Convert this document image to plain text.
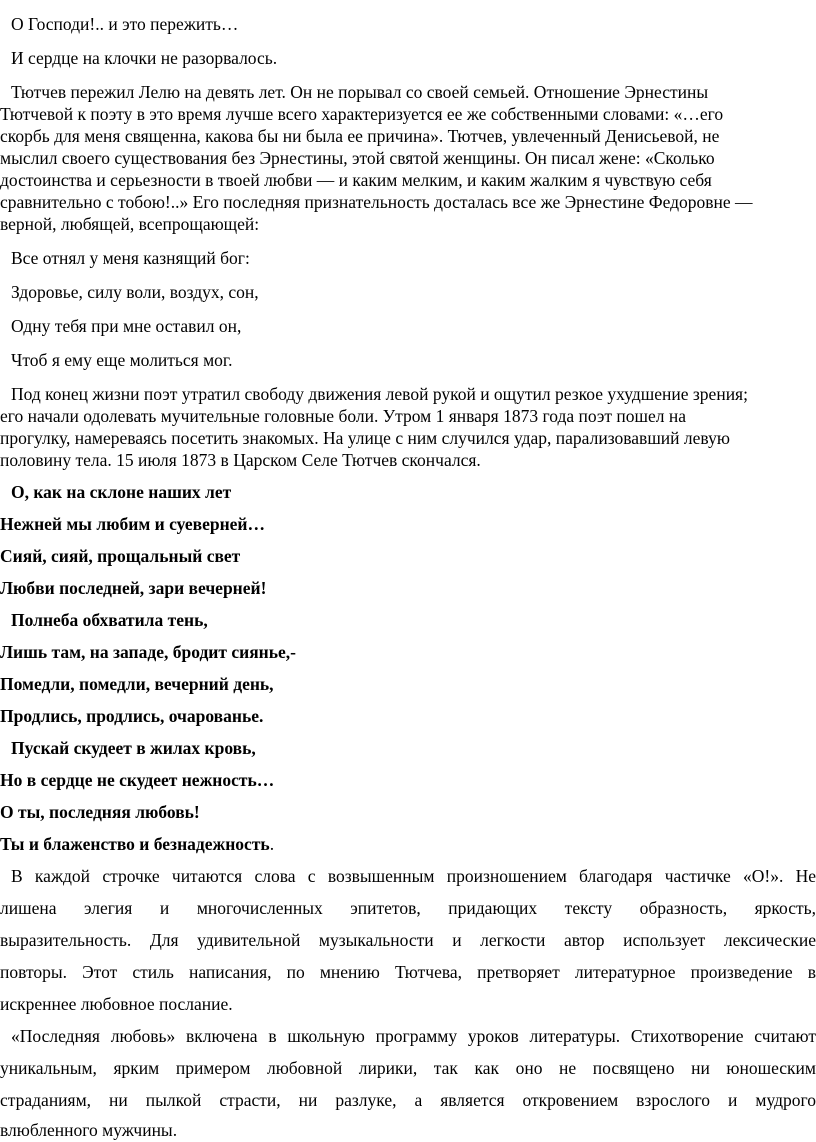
О Господи!.. и это пережить…
И сердце на клочки не разорвалось.
Тютчев пережил Лелю на девять лет. Он не порывал со своей семьей. Отношение Эрнестины
Тютчевой к поэту в это время лучше всего характеризуется ее же собственными словами: «…его
скорбь для меня священна, какова бы ни была ее причина». Тютчев, увлеченный Денисьевой, не
мыслил своего существования без Эрнестины, этой святой женщины. Он писал жене: «Сколько
достоинства и серьезности в твоей любви — и каким мелким, и каким жалким я чувствую себя
сравнительно с тобою!..» Его последняя признательность досталась все же Эрнестине Федоровне —
верной, любящей, всепрощающей:
Все отнял у меня казнящий бог:
Здоровье, силу воли, воздух, сон,
Одну тебя при мне оставил он,
Чтоб я ему еще молиться мог.
Под конец жизни поэт утратил свободу движения левой рукой и ощутил резкое ухудшение зрения;
его начали одолевать мучительные головные боли. Утром 1 января 1873 года поэт пошел на
прогулку, намереваясь посетить знакомых. На улице с ним случился удар, парализовавший левую
половину тела. 15 июля 1873 в Царском Селе Тютчев скончался.
О, как на склоне наших лет
Нежней мы любим и суеверней…
Сияй, сияй, прощальный свет
Любви последней, зари вечерней!
Полнеба обхватила тень,
Лишь там, на западе, бродит сиянье,-
Помедли, помедли, вечерний день,
Продлись, продлись, очарованье.
Пускай скудеет в жилах кровь,
Но в сердце не скудеет нежность…
О ты, последняя любовь!
Ты и блаженство и безнадежность.
В каждой строчке читаются слова с возвышенным произношением благодаря частичке «О!». Не
лишена элегия и многочисленных эпитетов, придающих тексту образность, яркость,
выразительность. Для удивительной музыкальности и легкости автор использует лексические
повторы. Этот стиль написания, по мнению Тютчева, претворяет литературное произведение в
искреннее любовное послание.
«Последняя любовь» включена в школьную программу уроков литературы. Стихотворение считают
уникальным, ярким примером любовной лирики, так как оно не посвящено ни юношеским
страданиям, ни пылкой страсти, ни разлуке, а является откровением взрослого и мудрого
влюбленного мужчины.
